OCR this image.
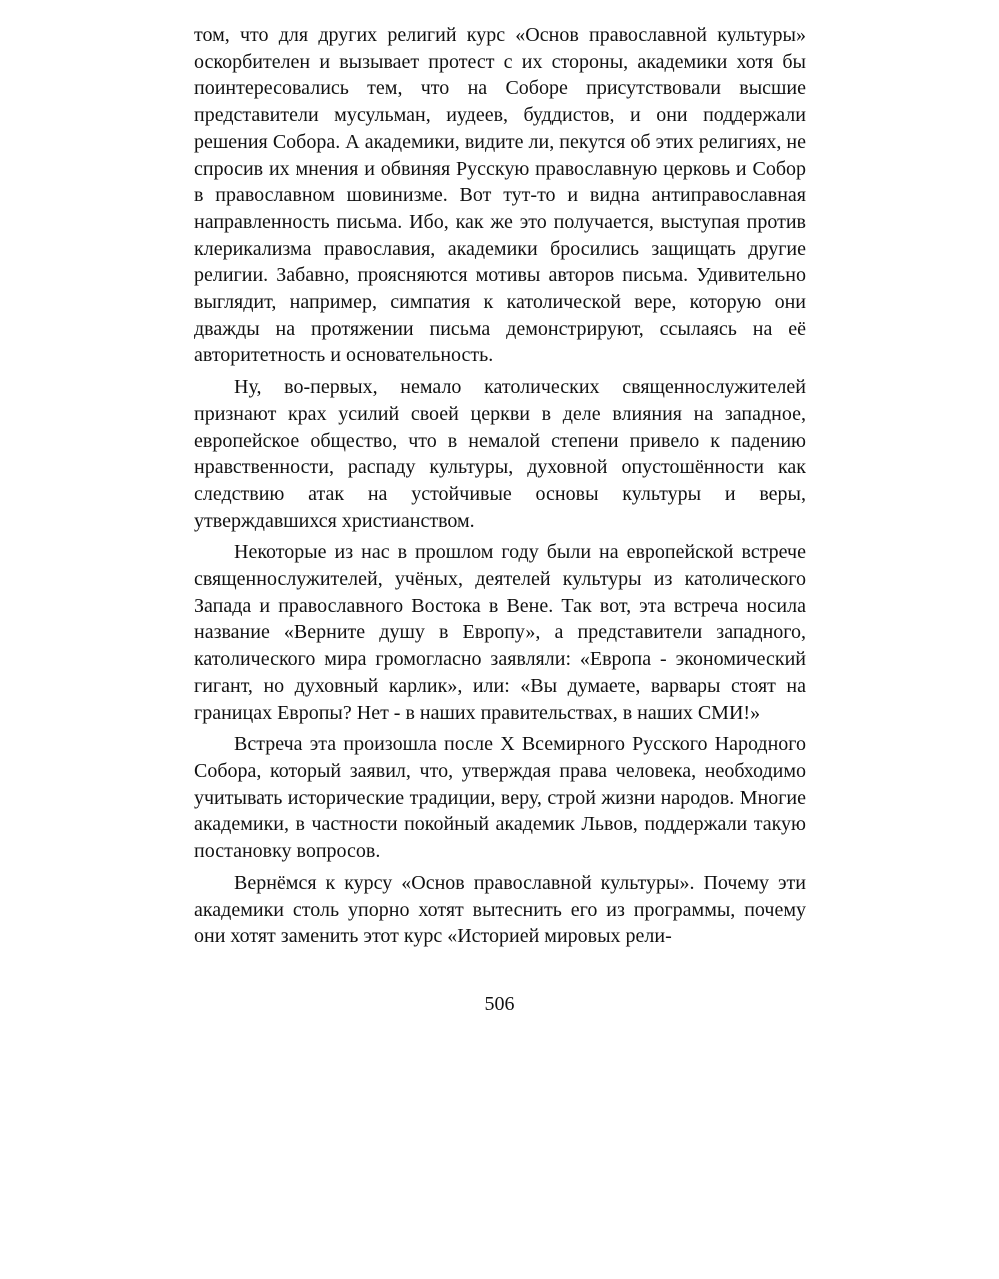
том, что для других религий курс «Основ православной культуры» оскорбителен и вызывает протест с их стороны, академики хотя бы поинтересовались тем, что на Соборе присутствовали высшие представители мусульман, иудеев, буддистов, и они поддержали решения Собора. А академики, видите ли, пекутся об этих религиях, не спросив их мнения и обвиняя Русскую православную церковь и Собор в православном шовинизме. Вот тут-то и видна антиправославная направленность письма. Ибо, как же это получается, выступая против клерикализма православия, академики бросились защищать другие религии. Забавно, проясняются мотивы авторов письма. Удивительно выглядит, например, симпатия к католической вере, которую они дважды на протяжении письма демонстрируют, ссылаясь на её авторитетность и основательность.

Ну, во-первых, немало католических священнослужителей признают крах усилий своей церкви в деле влияния на западное, европейское общество, что в немалой степени привело к падению нравственности, распаду культуры, духовной опустошённости как следствию атак на устойчивые основы культуры и веры, утверждавшихся христианством.

Некоторые из нас в прошлом году были на европейской встрече священнослужителей, учёных, деятелей культуры из католического Запада и православного Востока в Вене. Так вот, эта встреча носила название «Верните душу в Европу», а представители западного, католического мира громогласно заявляли: «Европа - экономический гигант, но духовный карлик», или: «Вы думаете, варвары стоят на границах Европы? Нет - в наших правительствах, в наших СМИ!»

Встреча эта произошла после X Всемирного Русского Народного Собора, который заявил, что, утверждая права человека, необходимо учитывать исторические традиции, веру, строй жизни народов. Многие академики, в частности покойный академик Львов, поддержали такую постановку вопросов.

Вернёмся к курсу «Основ православной культуры». Почему эти академики столь упорно хотят вытеснить его из программы, почему они хотят заменить этот курс «Историей мировых рели-

506
